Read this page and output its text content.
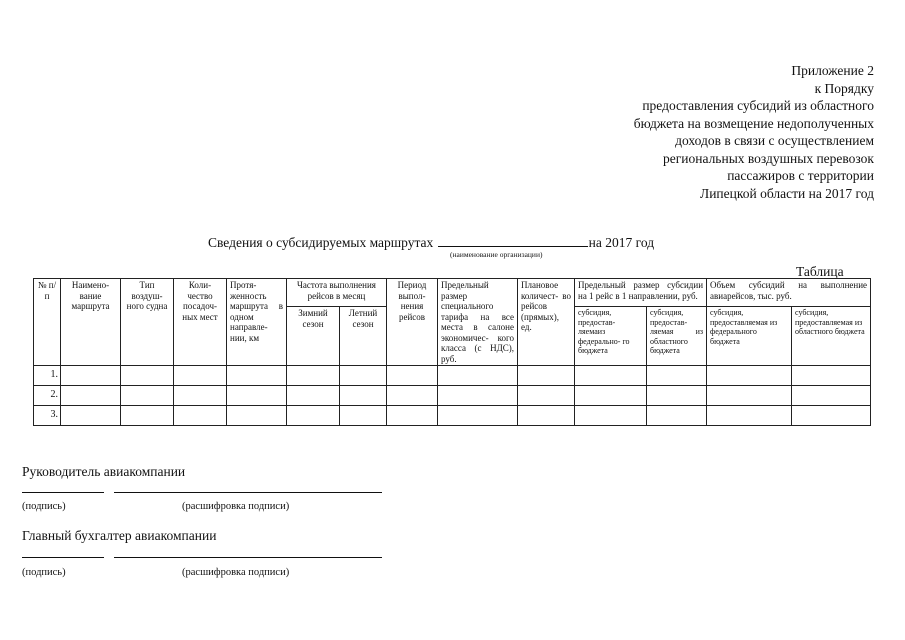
Приложение 2
к Порядку
предоставления субсидий из областного
бюджета на возмещение недополученных
доходов в связи с осуществлением
региональных воздушных перевозок
пассажиров с территории
Липецкой области на 2017 год
Сведения о субсидируемых маршрутах	на 2017 год
(наименование организации)
Таблица
№ п/п	Наимено- вание маршрута	Тип воздуш- ного судна	Коли- чество посадоч- ных мест	Протя- женность маршрута в одном направле- нии, км	Частота выполнения рейсов в месяц		Период выпол- нения рейсов	Предельный размер специального тарифа на все места в салоне экономичес- кого класса (с НДС), руб.	Плановое количест- во рейсов (прямых), ед.	Предельный размер субсидии на 1 рейс в 1 направлении, руб.		Объем субсидий на выполнение авиарейсов, тыс. руб.	
					Зимний сезон	Летний сезон				субсидия, предостав- ляемаиз федерально- го бюджета	субсидия, предостав- ляемая из областного бюджета	субсидия, предоставляемая из федерального бюджета	субсидия, предоставляемая из областного бюджета
1.													
2.													
3.													
Руководитель авиакомпании
(подпись)	(расшифровка подписи)
Главный бухгалтер авиакомпании
(подпись)	(расшифровка подписи)
